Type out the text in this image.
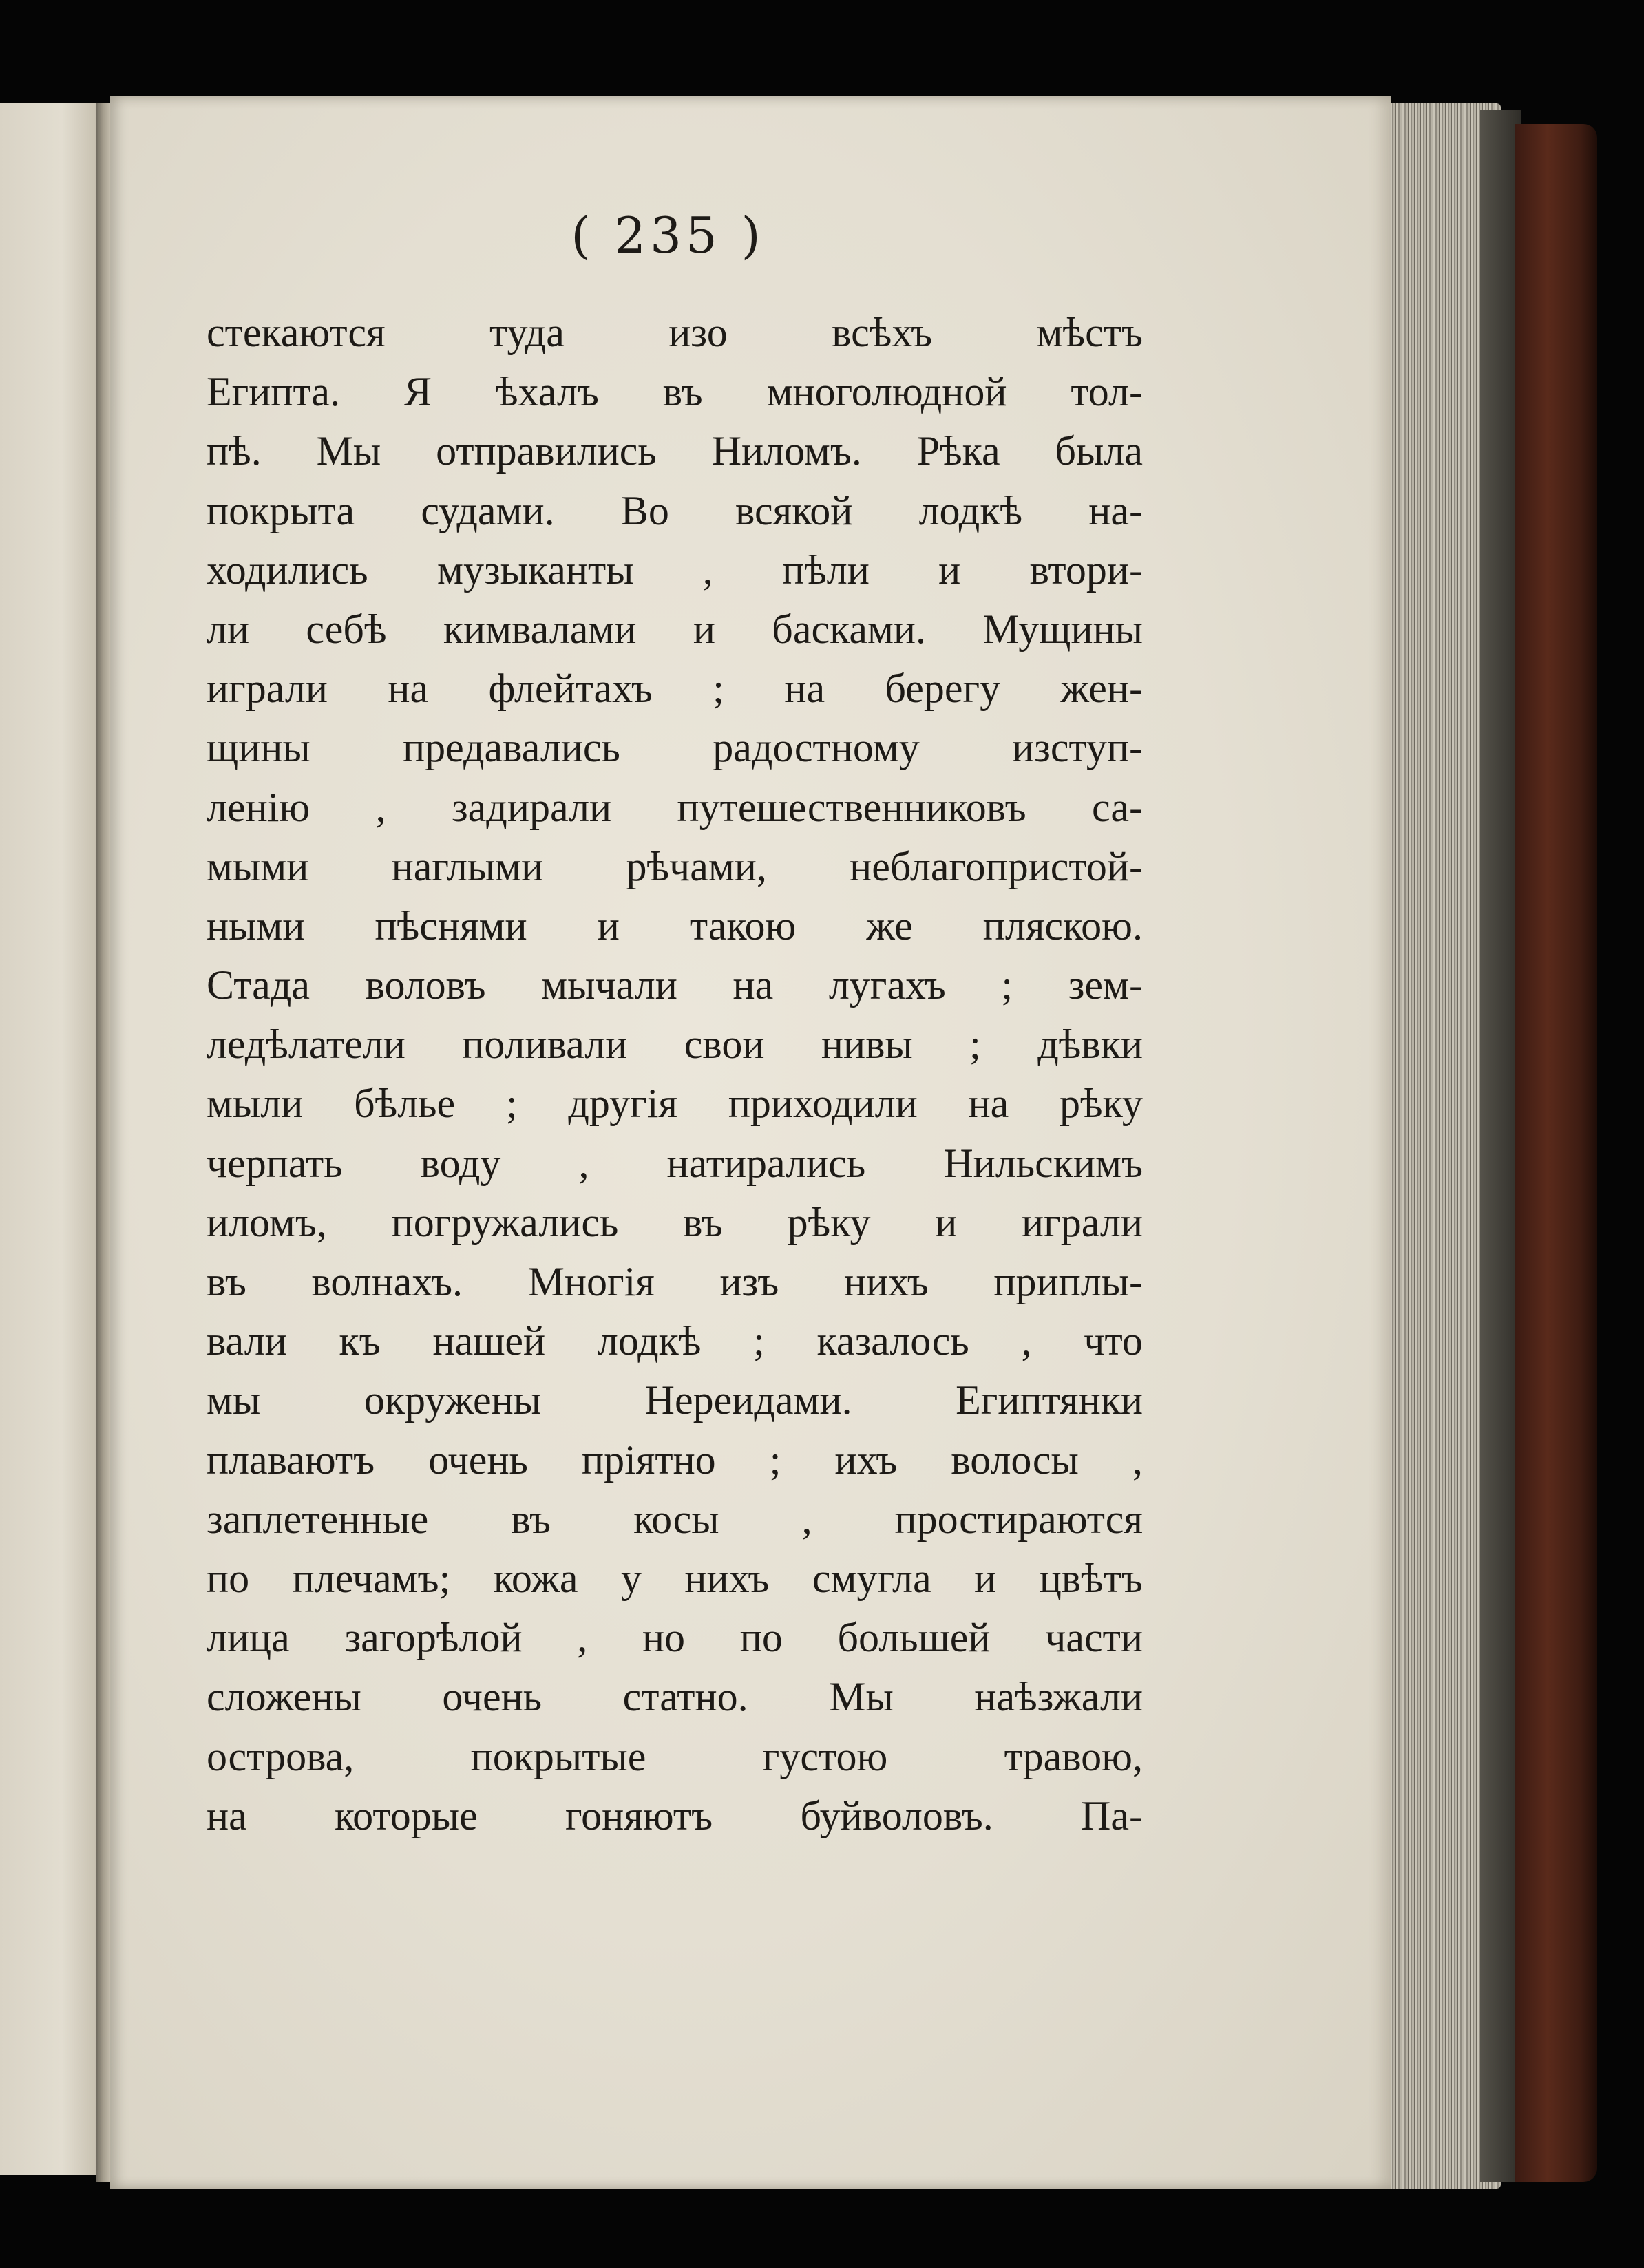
( 235 )
стекаются	туда	изо	всѣхъ	мѣстъ
Египта. Я ѣхалъ въ многолюдной тол-
пѣ. Мы отправились Ниломъ. Рѣка была
покрыта судами. Во всякой лодкѣ на-
ходились музыканты , пѣли и втори-
ли себѣ кимвалами и басками. Мущины
играли на флейтахъ ; на берегу жен-
щины предавались радостному изступ-
ленію , задирали путешественниковъ са-
мыми наглыми рѣчами, неблагопристой-
ными пѣснями и такою же пляскою.
Стада воловъ мычали на лугахъ ; зем-
ледѣлатели поливали свои нивы ; дѣвки
мыли бѣлье ; другія приходили на рѣку
черпать воду , натирались Нильскимъ
иломъ, погружались въ рѣку и играли
въ волнахъ. Многія изъ нихъ приплы-
вали къ нашей лодкѣ ; казалось , что
мы	окружены	Нереидами.	Египтянки
плаваютъ очень пріятно ; ихъ волосы ,
заплетенные въ косы , простираются
по плечамъ; кожа у нихъ смугла и цвѣтъ
лица загорѣлой , но по большей части
сложены очень статно. Мы наѣзжали
острова,	покрытые	густою	травою,
на которые гоняютъ буйволовъ. Па-
